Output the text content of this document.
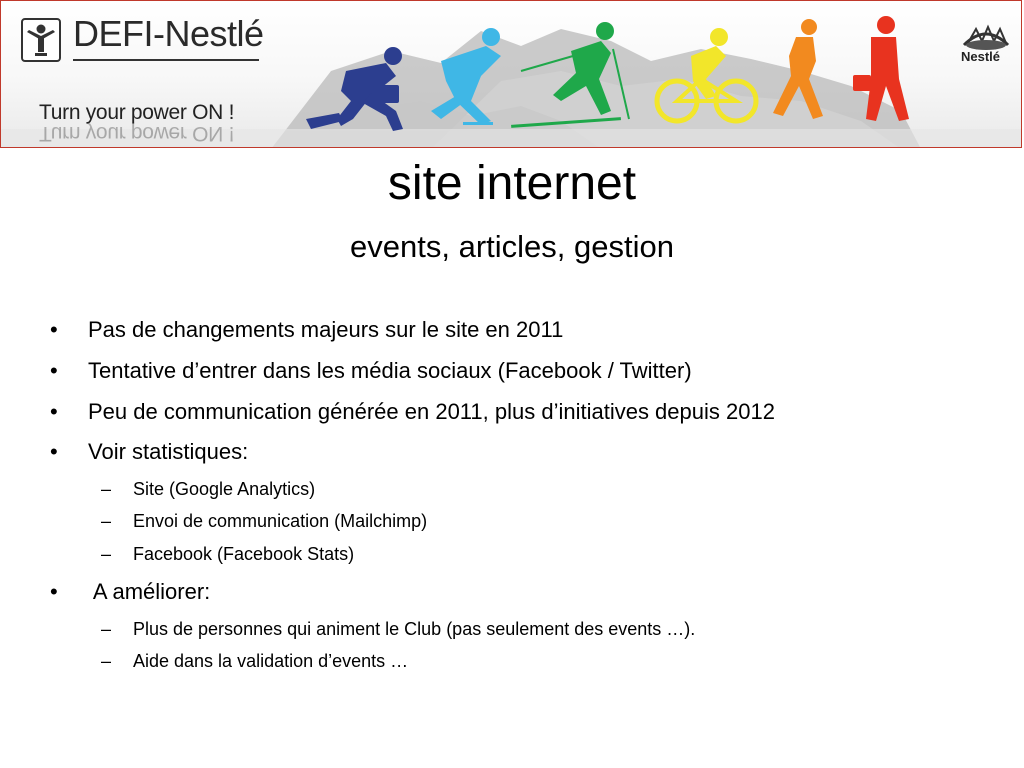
DEFI-Nestlé
Turn your power ON !
Turn your power ON !
Nestlé
site internet
events, articles, gestion
•	Pas de changements majeurs sur le site en 2011
•	Tentative d’entrer dans les média sociaux (Facebook / Twitter)
•	Peu de communication générée en 2011, plus d’initiatives depuis 2012
•	Voir statistiques:
– Site (Google Analytics)
– Envoi de communication (Mailchimp)
– Facebook (Facebook Stats)
•	A améliorer:
– Plus de personnes qui animent le Club (pas seulement des events …).
– Aide dans la validation d’events …
